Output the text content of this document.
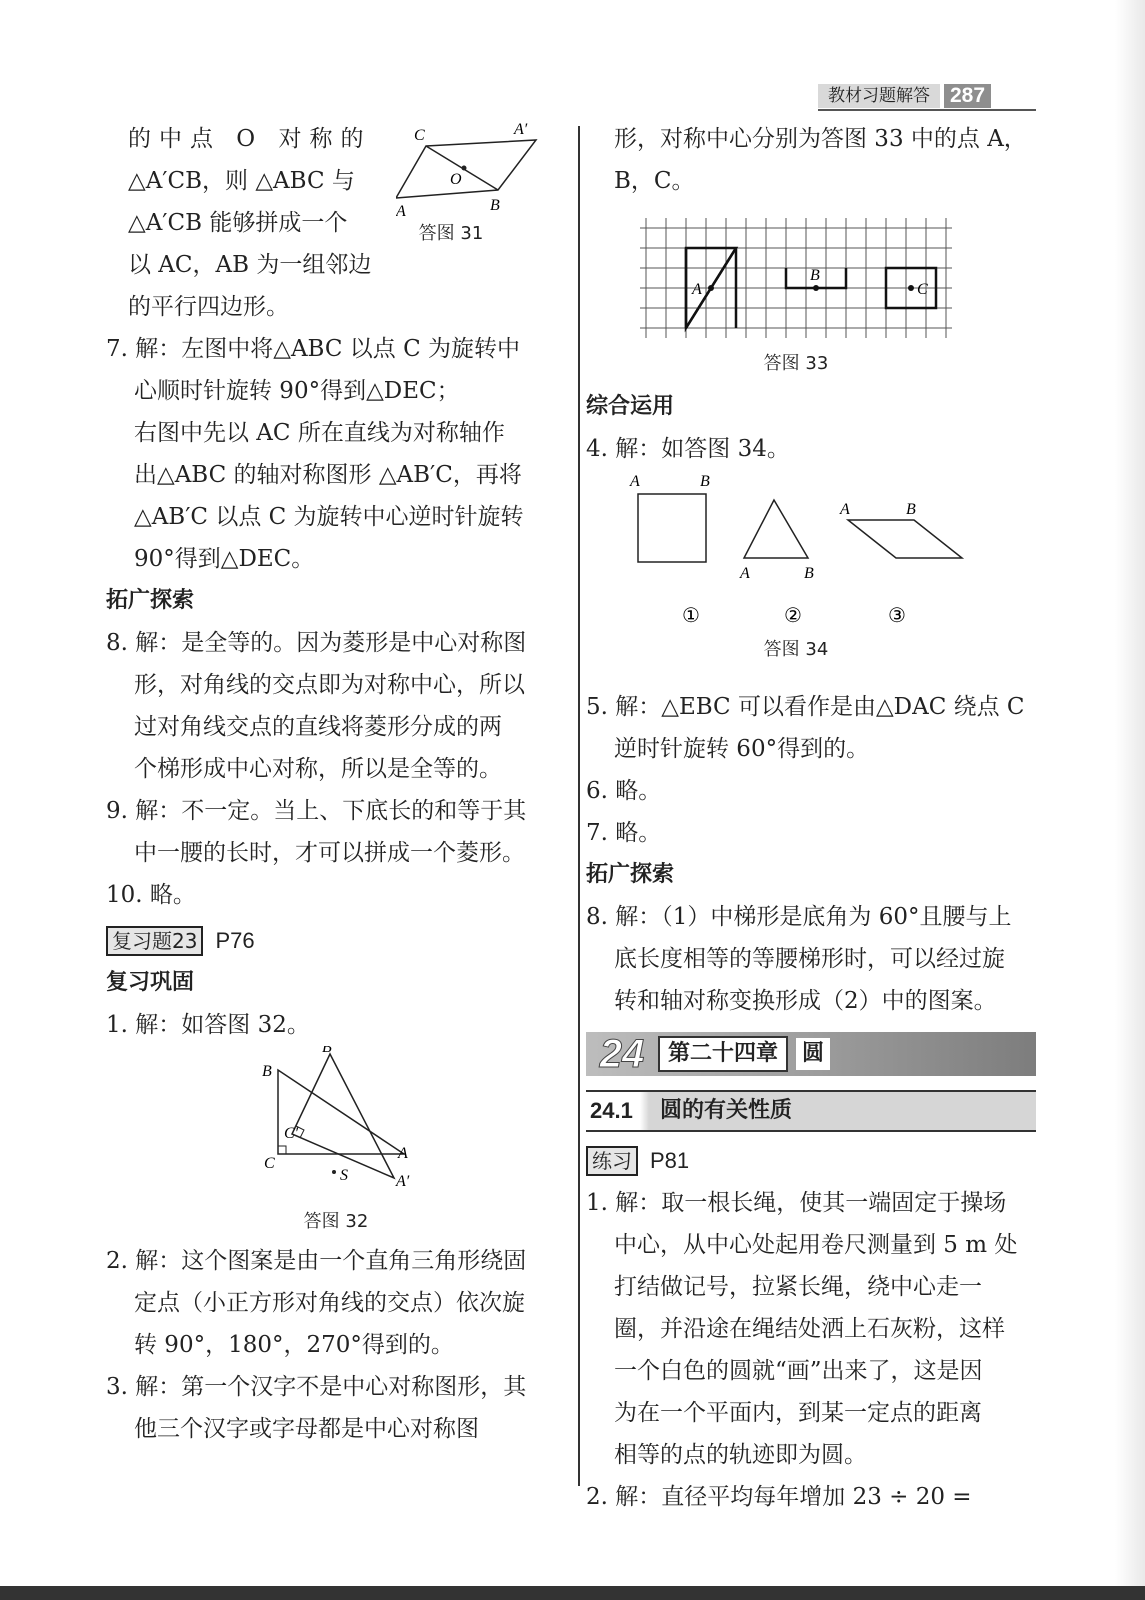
教材习题解答 287
的中点 O 对称的
△A′CB，则 △ABC 与
△A′CB 能够拼成一个
以 AC，AB 为一组邻边
的平行四边形。
C	A′
O
A	B
答图 31
7. 解：左图中将△ABC 以点 C 为旋转中
心顺时针旋转 90°得到△DEC；
右图中先以 AC 所在直线为对称轴作
出△ABC 的轴对称图形 △AB′C，再将
△AB′C 以点 C 为旋转中心逆时针旋转
90°得到△DEC。
拓广探索
8. 解：是全等的。因为菱形是中心对称图
形，对角线的交点即为对称中心，所以
过对角线交点的直线将菱形分成的两
个梯形成中心对称，所以是全等的。
9. 解：不一定。当上、下底长的和等于其
中一腰的长时，才可以拼成一个菱形。
10. 略。
复习题23 P76
复习巩固
1. 解：如答图 32。
B′
B
C′
C
A
S	A′
答图 32
2. 解：这个图案是由一个直角三角形绕固
定点（小正方形对角线的交点）依次旋
转 90°，180°，270°得到的。
3. 解：第一个汉字不是中心对称图形，其
他三个汉字或字母都是中心对称图
形，对称中心分别为答图 33 中的点 A，
B，C。
A
B
C
答图 33
综合运用
4. 解：如答图 34。
A	B
A	B
A	B
①	②	③
答图 34
5. 解：△EBC 可以看作是由△DAC 绕点 C
逆时针旋转 60°得到的。
6. 略。
7. 略。
拓广探索
8. 解：（1）中梯形是底角为 60°且腰与上
底长度相等的等腰梯形时，可以经过旋
转和轴对称变换形成（2）中的图案。
24	第二十四章	圆
24.1	圆的有关性质
练习 P81
1. 解：取一根长绳，使其一端固定于操场
中心，从中心处起用卷尺测量到 5 m 处
打结做记号，拉紧长绳，绕中心走一
圈，并沿途在绳结处洒上石灰粉，这样
一个白色的圆就“画”出来了，这是因
为在一个平面内，到某一定点的距离
相等的点的轨迹即为圆。
2. 解：直径平均每年增加 23 ÷ 20 =
